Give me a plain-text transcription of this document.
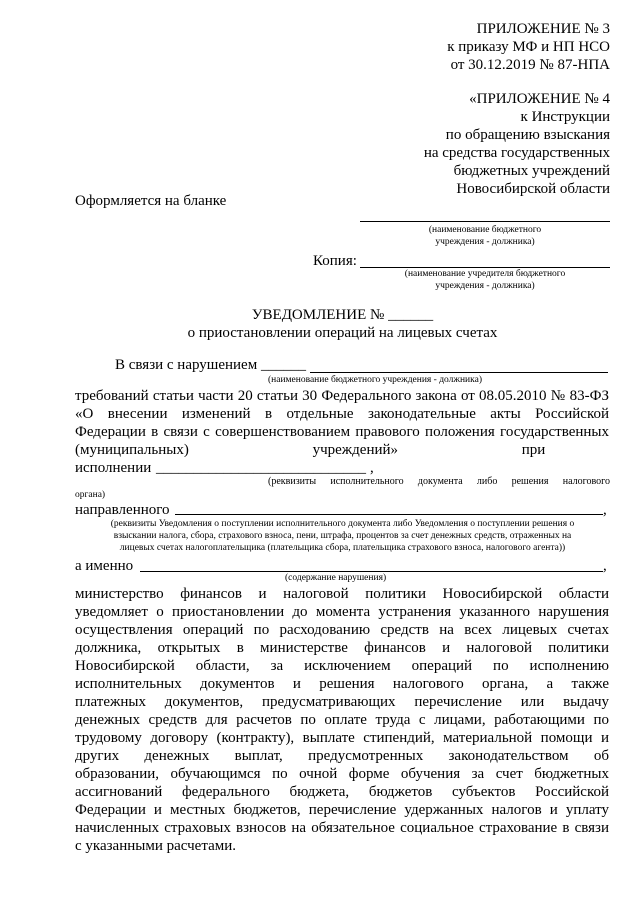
ПРИЛОЖЕНИЕ № 3
к приказу МФ и НП НСО
от 30.12.2019 № 87-НПА
«ПРИЛОЖЕНИЕ № 4
к Инструкции
по обращению взыскания
на средства государственных
бюджетных учреждений
Новосибирской области
Оформляется на бланке
(наименование бюджетного
учреждения - должника)
Копия:
(наименование учредителя бюджетного
учреждения - должника)
УВЕДОМЛЕНИЕ № ______
о приостановлении операций на лицевых счетах
В связи с нарушением ______
(наименование бюджетного учреждения - должника)
требований статьи части 20 статьи 30 Федерального закона от 08.05.2010 № 83-ФЗ
«О внесении изменений в отдельные законодательные акты Российской
Федерации в связи с совершенствованием правового положения государственных
(муниципальных) учреждений» при
исполнении ____________________________ ,
(реквизиты исполнительного документа либо решения налогового
органа)
направленного	,
(реквизиты Уведомления о поступлении исполнительного документа либо Уведомления о поступлении решения о
взыскании налога, сбора, страхового взноса, пени, штрафа, процентов за счет денежных средств, отраженных на
лицевых счетах налогоплательщика (плательщика сбора, плательщика страхового взноса, налогового агента))
а именно	,
(содержание нарушения)
министерство финансов и налоговой политики Новосибирской области
уведомляет о приостановлении до момента устранения указанного нарушения
осуществления операций по расходованию средств на всех лицевых счетах
должника, открытых в министерстве финансов и налоговой политики
Новосибирской области, за исключением операций по исполнению
исполнительных документов и решения налогового органа, а также
платежных документов, предусматривающих перечисление или выдачу
денежных средств для расчетов по оплате труда с лицами, работающими по
трудовому договору (контракту), выплате стипендий, материальной помощи и
других денежных выплат, предусмотренных законодательством об
образовании, обучающимся по очной форме обучения за счет бюджетных
ассигнований федерального бюджета, бюджетов субъектов Российской
Федерации и местных бюджетов, перечисление удержанных налогов и уплату
начисленных страховых взносов на обязательное социальное страхование в связи
с указанными расчетами.
